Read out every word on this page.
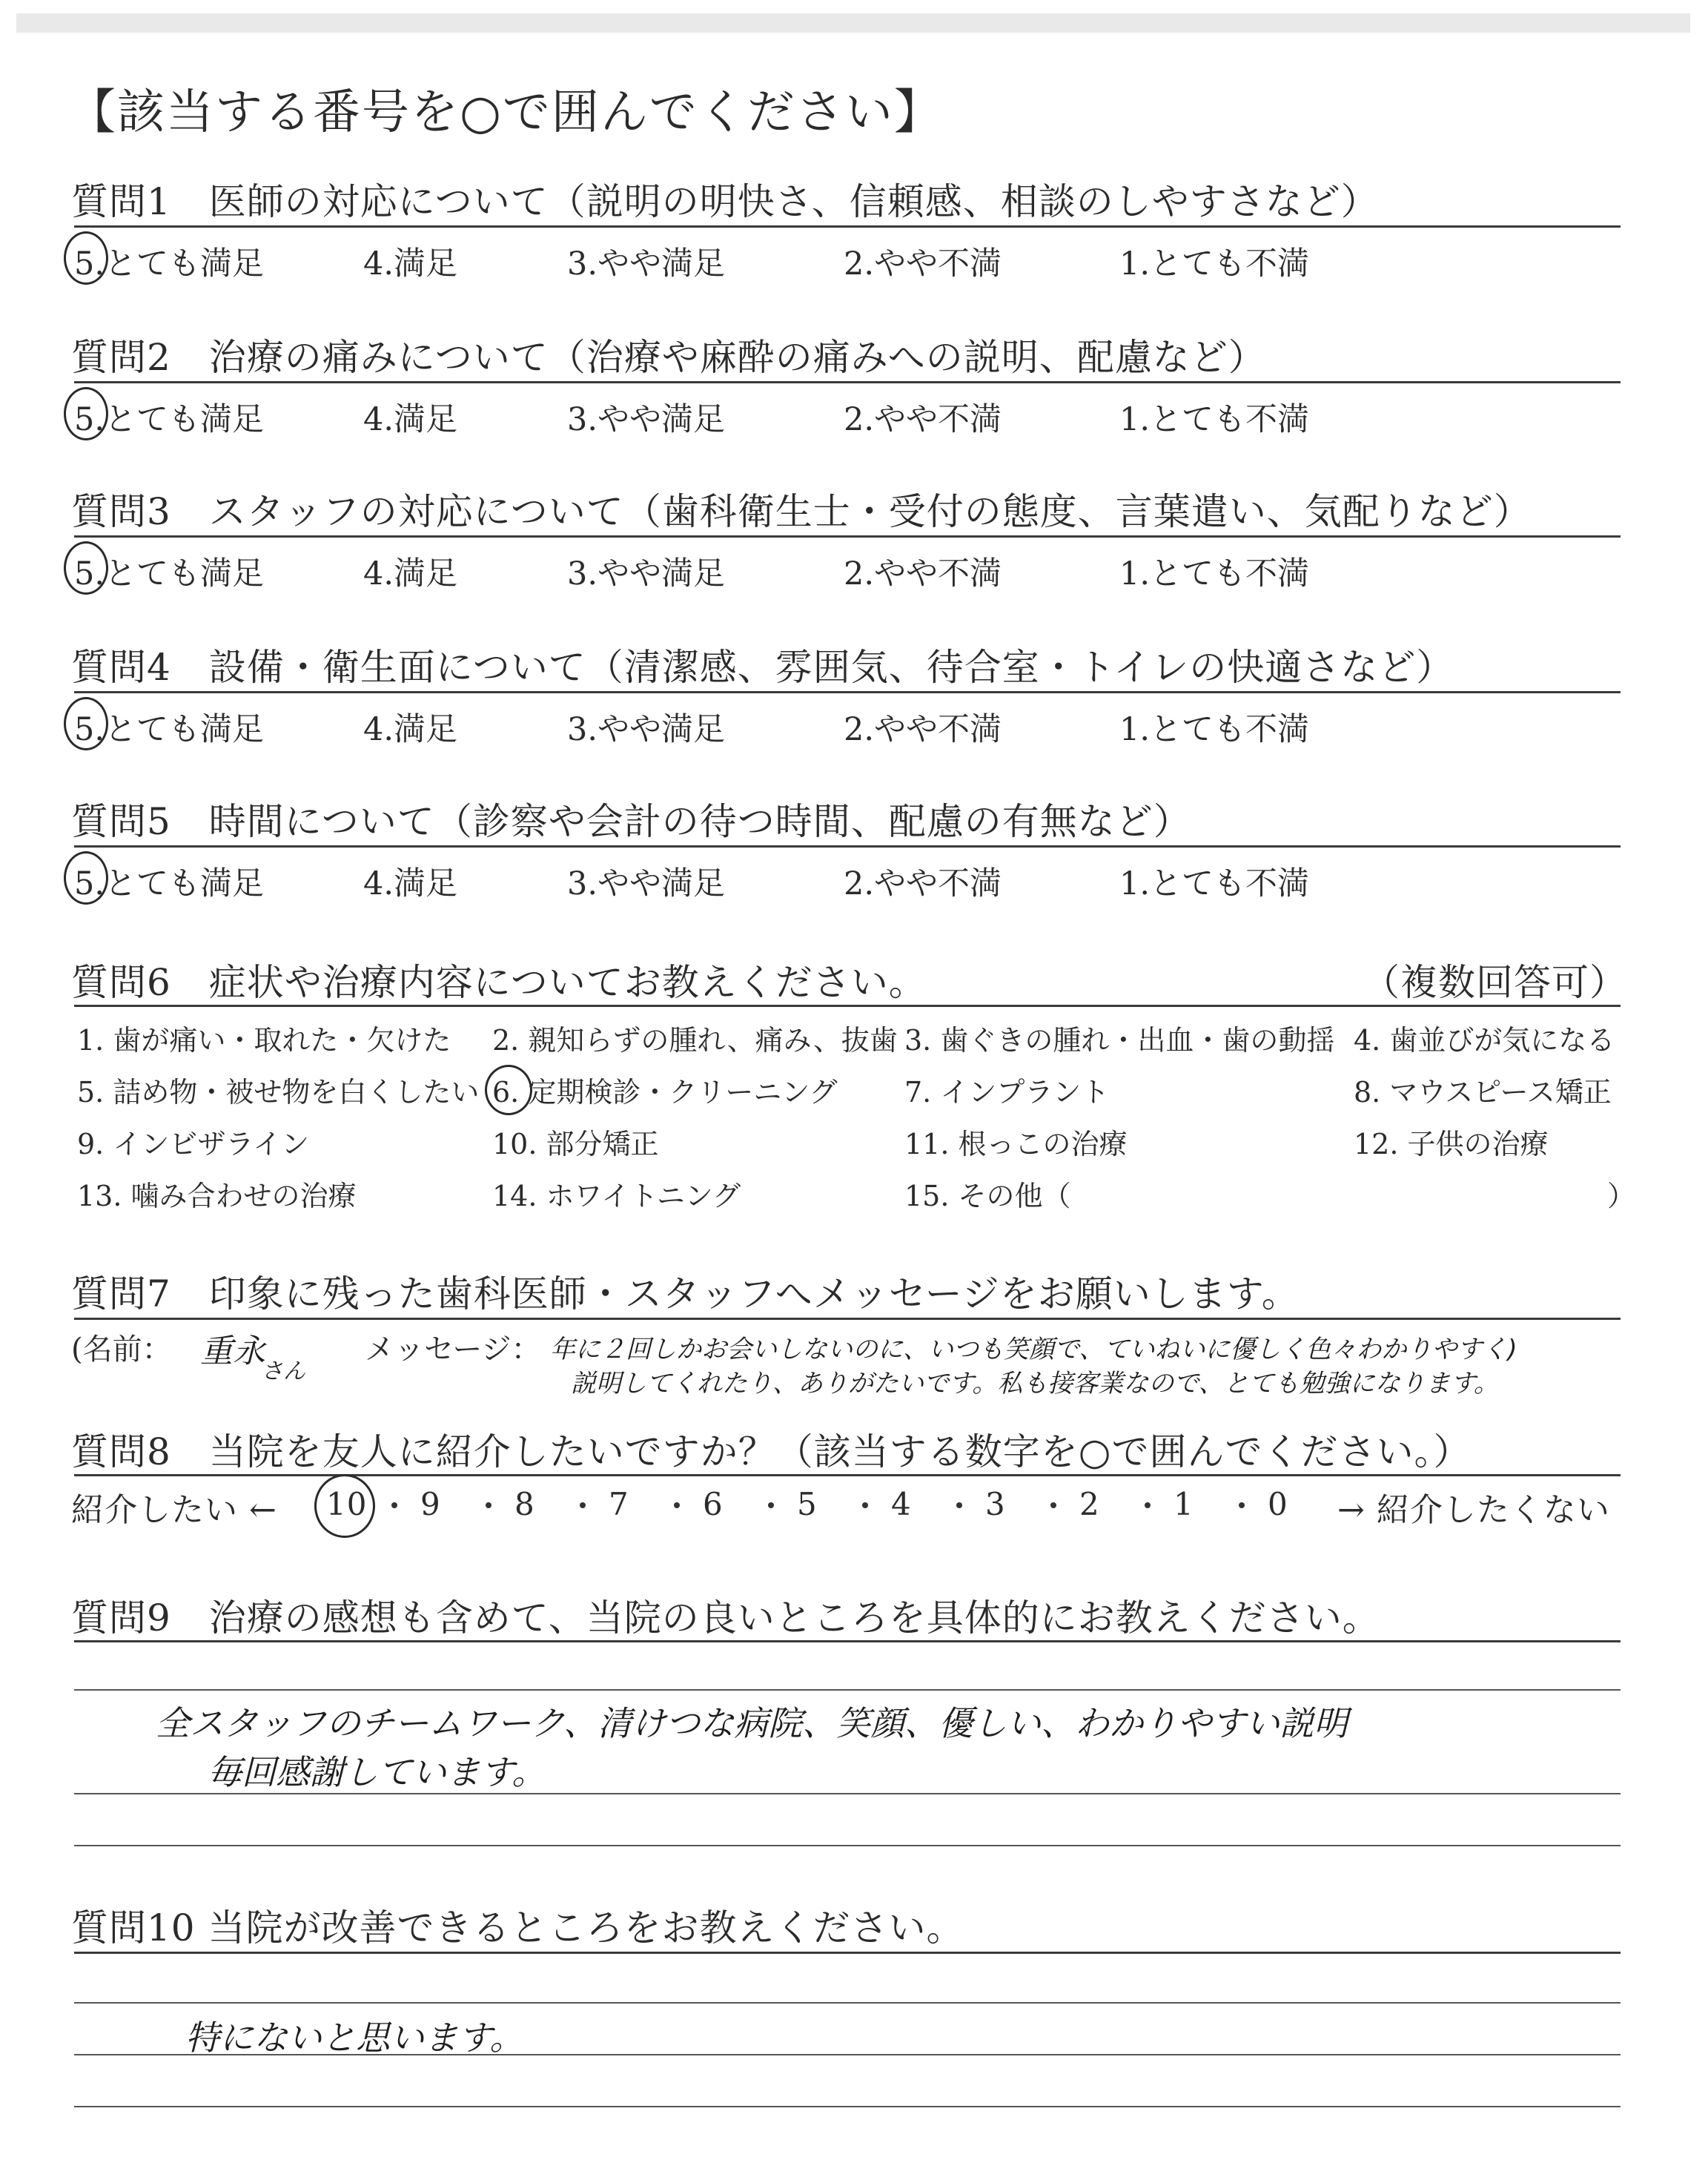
【該当する番号を○で囲んでください】
質問1　医師の対応について（説明の明快さ、信頼感、相談のしやすさなど）
5.とても満足	4.満足	3.やや満足	2.やや不満	1.とても不満
質問2　治療の痛みについて（治療や麻酔の痛みへの説明、配慮など）
5.とても満足	4.満足	3.やや満足	2.やや不満	1.とても不満
質問3　スタッフの対応について（歯科衛生士・受付の態度、言葉遣い、気配りなど）
5.とても満足	4.満足	3.やや満足	2.やや不満	1.とても不満
質問4　設備・衛生面について（清潔感、雰囲気、待合室・トイレの快適さなど）
5.とても満足	4.満足	3.やや満足	2.やや不満	1.とても不満
質問5　時間について（診察や会計の待つ時間、配慮の有無など）
5.とても満足	4.満足	3.やや満足	2.やや不満	1.とても不満
質問6　症状や治療内容についてお教えください。	（複数回答可）
1. 歯が痛い・取れた・欠けた 2. 親知らずの腫れ、痛み、抜歯 3. 歯ぐきの腫れ・出血・歯の動揺 4. 歯並びが気になる
5. 詰め物・被せ物を白くしたい 6. 定期検診・クリーニング 7. インプラント	8. マウスピース矯正
9. インビザライン	10. 部分矯正	11. 根っこの治療	12. 子供の治療
13. 噛み合わせの治療	14. ホワイトニング	15. その他（	）
質問7　印象に残った歯科医師・スタッフへメッセージをお願いします。
(名前： 重永
さん
メッセージ： 年に２回しかお会いしないのに、いつも笑顔で、ていねいに優しく色々わかりやすく)
説明してくれたり、ありがたいです。私も接客業なので、とても勉強になります。
質問8　当院を友人に紹介したいですか？（該当する数字を○で囲んでください。）
紹介したい ← 10 9 8 7 6 5 4 3 2 1 0 → 紹介したくない
質問9　治療の感想も含めて、当院の良いところを具体的にお教えください。
全スタッフのチームワーク、清けつな病院、笑顔、優しい、わかりやすい説明
毎回感謝しています。
質問10 当院が改善できるところをお教えください。
特にないと思います。
